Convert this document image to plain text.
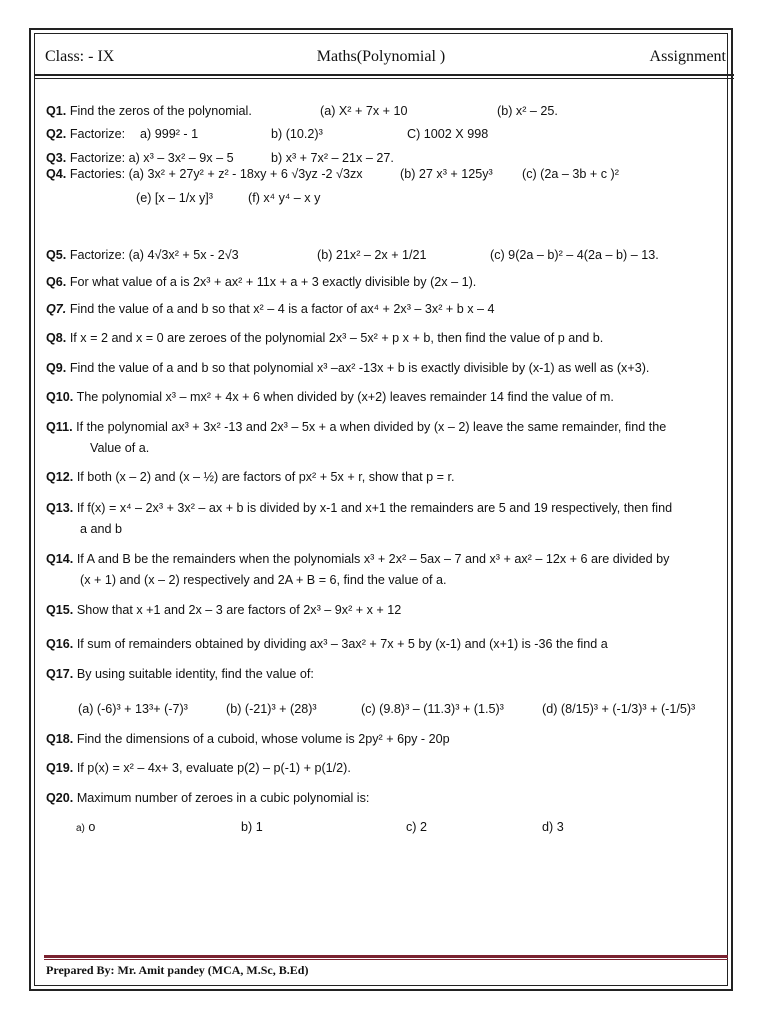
Class: - IX	Maths(Polynomial )	Assignment
Q1. Find the zeros of the polynomial.	(a) X² + 7x + 10	(b) x² – 25.
Q2. Factorize: a) 999² - 1	b) (10.2)³	C) 1002 X 998
Q3. Factorize: a) x³ – 3x² – 9x – 5	b) x³ + 7x² – 21x – 27.
Q4. Factories: (a) 3x² + 27y² + z² - 18xy + 6 √3yz -2 √3zx	(b) 27 x³ + 125y³ (c) (2a – 3b + c )²
(e) [x – 1/x y]³	(f) x⁴ y⁴ – x y
Q5. Factorize: (a) 4√3x² + 5x - 2√3	(b) 21x² – 2x + 1/21	(c) 9(2a – b)² – 4(2a – b) – 13.
Q6. For what value of a is 2x³ + ax² + 11x + a + 3 exactly divisible by (2x – 1).
Q7. Find the value of a and b so that x² – 4 is a factor of ax⁴ + 2x³ – 3x² + b x – 4
Q8. If x = 2 and x = 0 are zeroes of the polynomial 2x³ – 5x² + p x + b, then find the value of p and b.
Q9. Find the value of a and b so that polynomial x³ –ax² -13x + b is exactly divisible by (x-1) as well as (x+3).
Q10. The polynomial x³ – mx² + 4x + 6 when divided by (x+2) leaves remainder 14 find the value of m.
Q11. If the polynomial ax³ + 3x² -13 and 2x³ – 5x + a when divided by (x – 2) leave the same remainder, find the
Value of a.
Q12. If both (x – 2) and (x – ½) are factors of px² + 5x + r, show that p = r.
Q13. If f(x) = x⁴ – 2x³ + 3x² – ax + b is divided by x-1 and x+1 the remainders are 5 and 19 respectively, then find
a and b
Q14. If A and B be the remainders when the polynomials x³ + 2x² – 5ax – 7 and x³ + ax² – 12x + 6 are divided by
(x + 1) and (x – 2) respectively and 2A + B = 6, find the value of a.
Q15. Show that x +1 and 2x – 3 are factors of 2x³ – 9x² + x + 12
Q16. If sum of remainders obtained by dividing ax³ – 3ax² + 7x + 5 by (x-1) and (x+1) is -36 the find a
Q17. By using suitable identity, find the value of:
(a) (-6)³ + 13³+ (-7)³	(b) (-21)³ + (28)³	(c) (9.8)³ – (11.3)³ + (1.5)³	(d) (8/15)³ + (-1/3)³ + (-1/5)³
Q18. Find the dimensions of a cuboid, whose volume is 2py² + 6py - 20p
Q19. If p(x) = x² – 4x+ 3, evaluate p(2) – p(-1) + p(1/2).
Q20. Maximum number of zeroes in a cubic polynomial is:
a) o	b) 1	c) 2	d) 3
Prepared By: Mr. Amit pandey (MCA, M.Sc, B.Ed)
